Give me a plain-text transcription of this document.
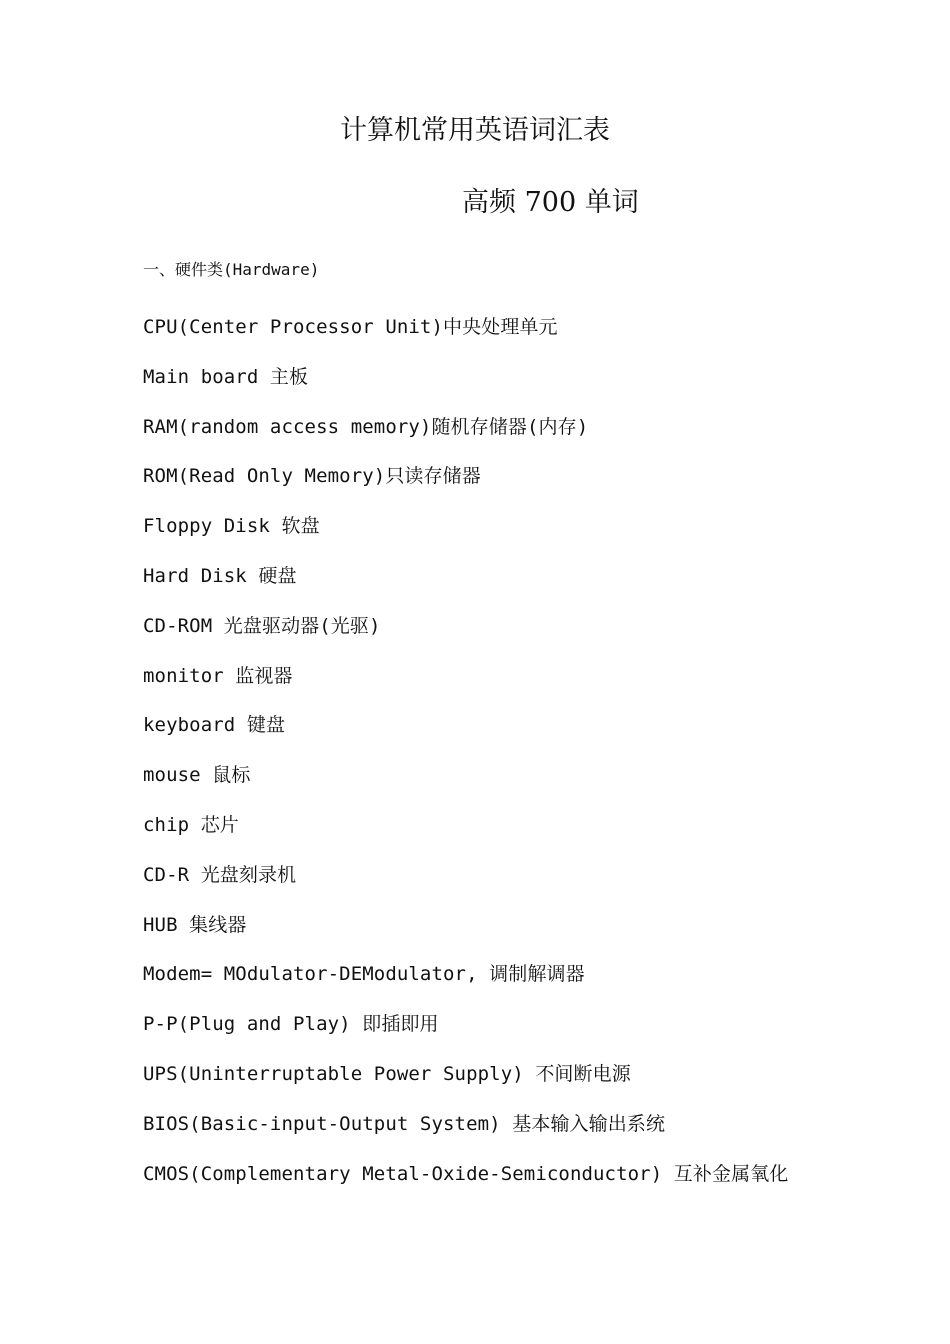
计算机常用英语词汇表
高频 700 单词
一、硬件类(Hardware)
CPU(Center Processor Unit)中央处理单元
Main board 主板
RAM(random access memory)随机存储器(内存)
ROM(Read Only Memory)只读存储器
Floppy Disk 软盘
Hard Disk 硬盘
CD-ROM 光盘驱动器(光驱)
monitor 监视器
keyboard 键盘
mouse 鼠标
chip 芯片
CD-R 光盘刻录机
HUB 集线器
Modem= MOdulator-DEModulator, 调制解调器
P-P(Plug and Play) 即插即用
UPS(Uninterruptable Power Supply) 不间断电源
BIOS(Basic-input-Output System) 基本输入输出系统
CMOS(Complementary Metal-Oxide-Semiconductor) 互补金属氧化
